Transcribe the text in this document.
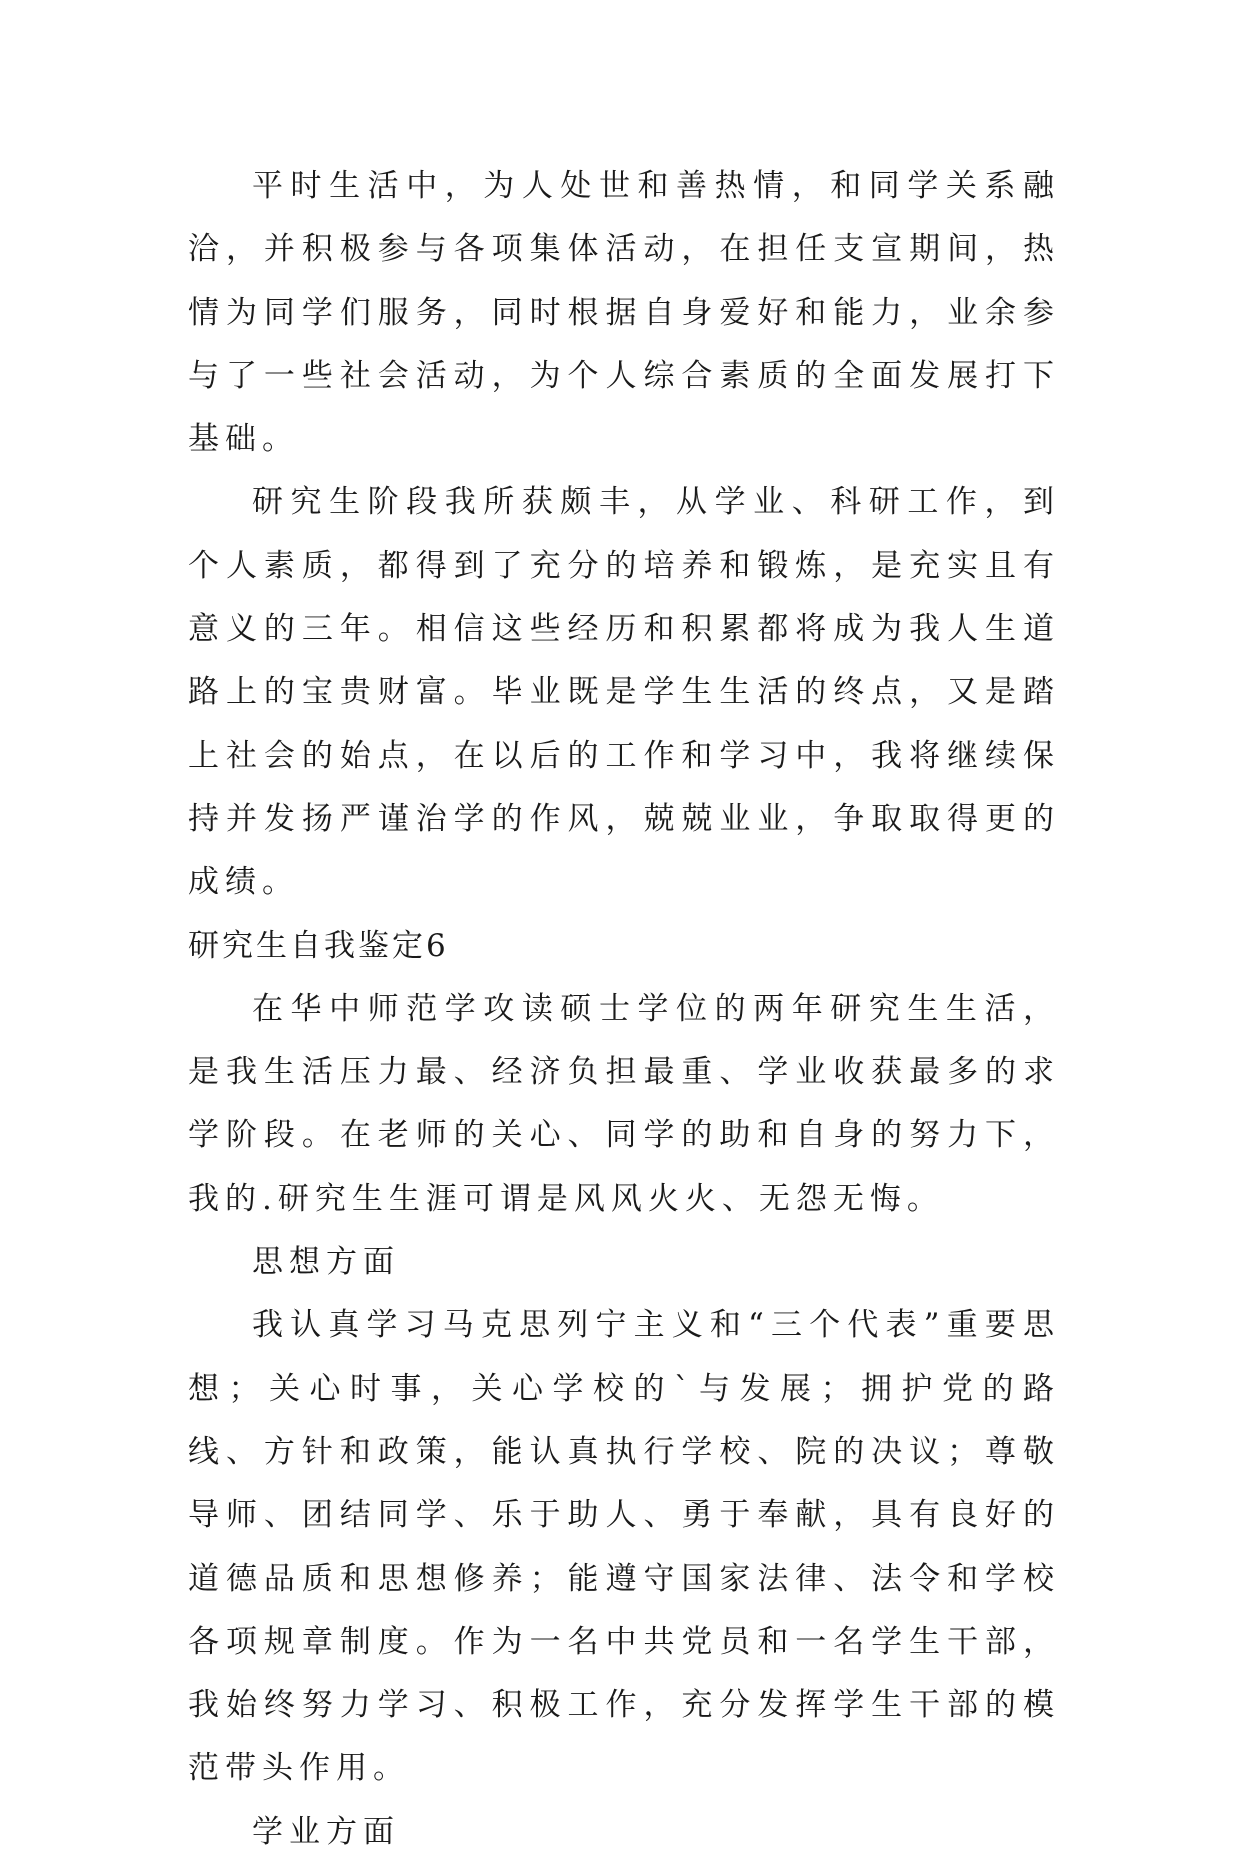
平时生活中，为人处世和善热情，和同学关系融洽，并积极参与各项集体活动，在担任支宣期间，热情为同学们服务，同时根据自身爱好和能力，业余参与了一些社会活动，为个人综合素质的全面发展打下基础。

研究生阶段我所获颇丰，从学业、科研工作，到个人素质，都得到了充分的培养和锻炼，是充实且有意义的三年。相信这些经历和积累都将成为我人生道路上的宝贵财富。毕业既是学生生活的终点，又是踏上社会的始点，在以后的工作和学习中，我将继续保持并发扬严谨治学的作风，兢兢业业，争取取得更的成绩。

研究生自我鉴定6

在华中师范学攻读硕士学位的两年研究生生活，是我生活压力最、经济负担最重、学业收获最多的求学阶段。在老师的关心、同学的助和自身的努力下，我的.研究生生涯可谓是风风火火、无怨无悔。

思想方面

我认真学习马克思列宁主义和“三个代表”重要思想；关心时事，关心学校的`与发展；拥护党的路线、方针和政策，能认真执行学校、院的决议；尊敬导师、团结同学、乐于助人、勇于奉献，具有良好的道德品质和思想修养；能遵守国家法律、法令和学校各项规章制度。作为一名中共党员和一名学生干部，我始终努力学习、积极工作，充分发挥学生干部的模范带头作用。

学业方面
